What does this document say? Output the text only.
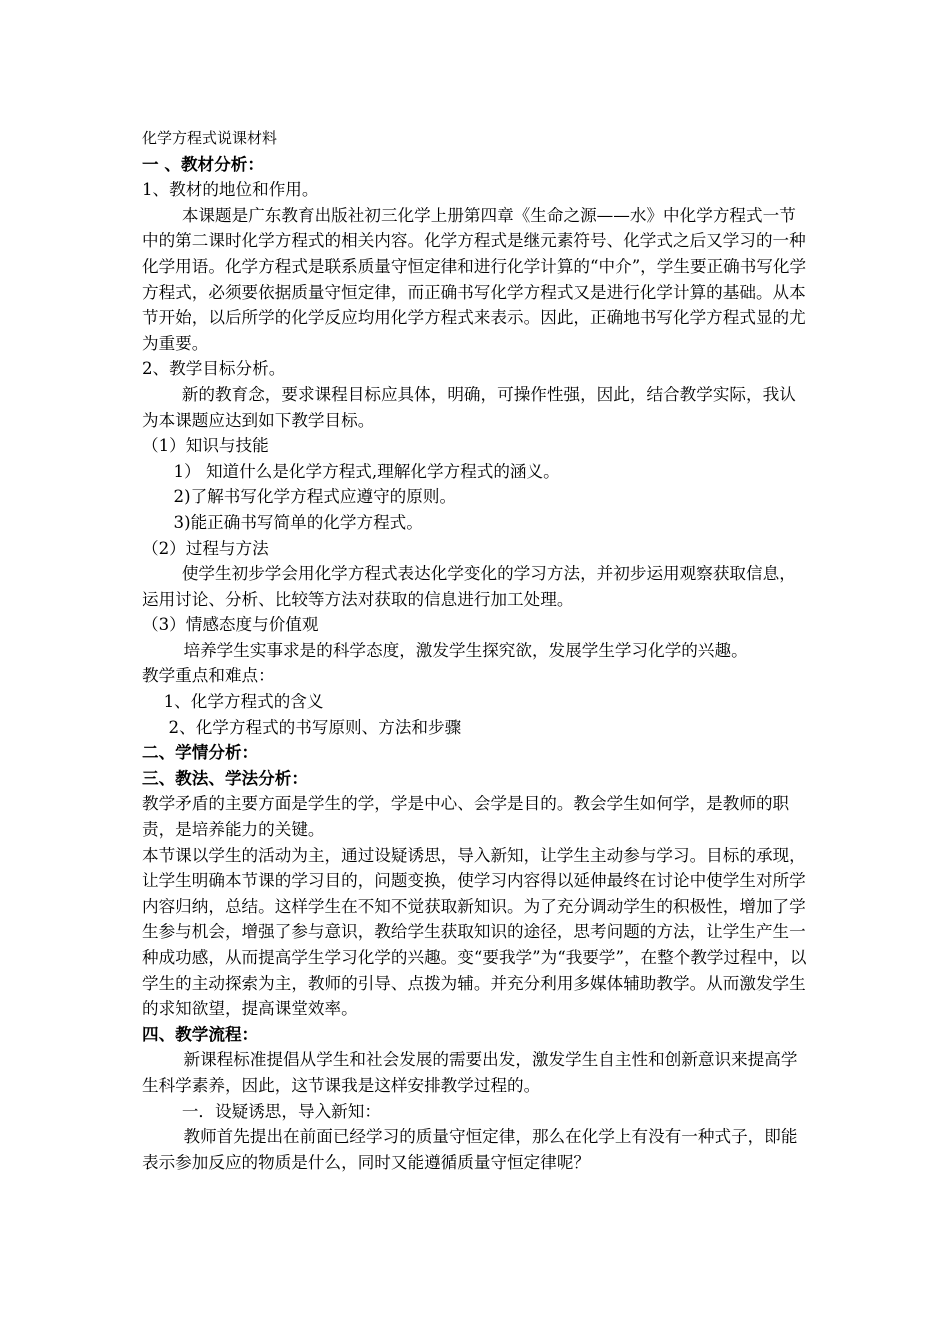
化学方程式说课材料

一 、教材分析：

1、教材的地位和作用。

本课题是广东教育出版社初三化学上册第四章《生命之源——水》中化学方程式一节中的第二课时化学方程式的相关内容。化学方程式是继元素符号、化学式之后又学习的一种化学用语。化学方程式是联系质量守恒定律和进行化学计算的“中介”，学生要正确书写化学方程式，必须要依据质量守恒定律，而正确书写化学方程式又是进行化学计算的基础。从本节开始，以后所学的化学反应均用化学方程式来表示。因此，正确地书写化学方程式显的尤为重要。

2、教学目标分析。

新的教育念，要求课程目标应具体，明确，可操作性强，因此，结合教学实际，我认为本课题应达到如下教学目标。

（1）知识与技能

1） 知道什么是化学方程式,理解化学方程式的涵义。

2)了解书写化学方程式应遵守的原则。

3)能正确书写简单的化学方程式。

（2）过程与方法

使学生初步学会用化学方程式表达化学变化的学习方法，并初步运用观察获取信息，运用讨论、分析、比较等方法对获取的信息进行加工处理。

（3）情感态度与价值观

培养学生实事求是的科学态度，激发学生探究欲，发展学生学习化学的兴趣。

教学重点和难点：

1、化学方程式的含义

2、化学方程式的书写原则、方法和步骤

二、学情分析：

三、教法、学法分析：

教学矛盾的主要方面是学生的学，学是中心、会学是目的。教会学生如何学，是教师的职责，是培养能力的关键。

本节课以学生的活动为主，通过设疑诱思，导入新知，让学生主动参与学习。目标的承现，让学生明确本节课的学习目的，问题变换，使学习内容得以延伸最终在讨论中使学生对所学内容归纳，总结。这样学生在不知不觉获取新知识。为了充分调动学生的积极性，增加了学生参与机会，增强了参与意识，教给学生获取知识的途径，思考问题的方法，让学生产生一种成功感，从而提高学生学习化学的兴趣。变“要我学”为“我要学”，在整个教学过程中，以学生的主动探索为主，教师的引导、点拨为辅。并充分利用多媒体辅助教学。从而激发学生的求知欲望，提高课堂效率。

四、教学流程：

新课程标准提倡从学生和社会发展的需要出发，激发学生自主性和创新意识来提高学生科学素养，因此，这节课我是这样安排教学过程的。

一．设疑诱思，导入新知：

教师首先提出在前面已经学习的质量守恒定律，那么在化学上有没有一种式子，即能表示参加反应的物质是什么，同时又能遵循质量守恒定律呢？
